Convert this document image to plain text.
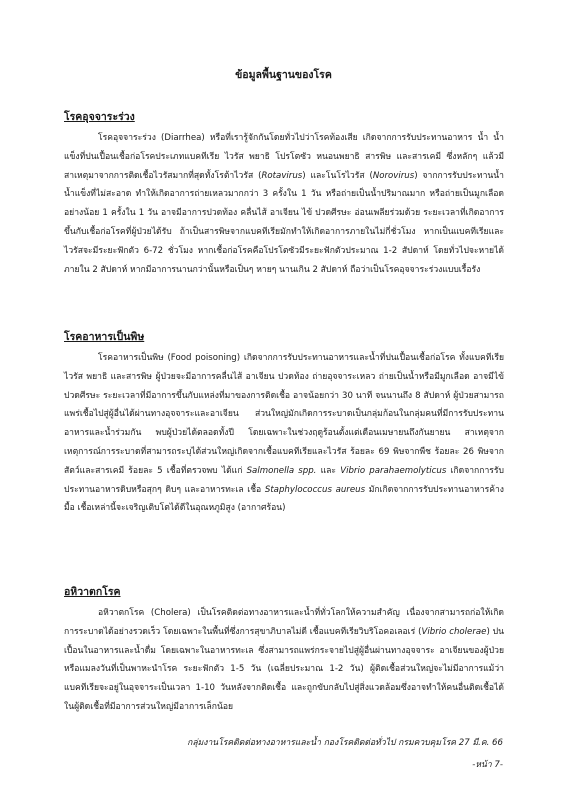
ข้อมูลพื้นฐานของโรค
โรคอุจจาระร่วง

โรคอุจจาระร่วง (Diarrhea) หรือที่เรารู้จักกันโดยทั่วไปว่าโรคท้องเสีย เกิดจากการรับประทานอาหาร น้ำ น้ำแข็งที่ปนเปื้อนเชื้อก่อโรคประเภทแบคทีเรีย ไวรัส พยาธิ โปรโตซัว หนอนพยาธิ สารพิษ และสารเคมี ซึ่งหลักๆ แล้วมีสาเหตุมาจากการติดเชื้อไวรัสมากที่สุดทั้งโรต้าไวรัส (Rotavirus) และโนโรไวรัส (Norovirus) จากการรับประทานน้ำ น้ำแข็งที่ไม่สะอาด ทำให้เกิดอาการถ่ายเหลวมากกว่า 3 ครั้งใน 1 วัน หรือถ่ายเป็นน้ำปริมาณมาก หรือถ่ายเป็นมูกเลือดอย่างน้อย 1 ครั้งใน 1 วัน อาจมีอาการปวดท้อง คลื่นไส้ อาเจียน ไข้ ปวดศีรษะ อ่อนเพลียร่วมด้วย ระยะเวลาที่เกิดอาการขึ้นกับเชื้อก่อโรคที่ผู้ป่วยได้รับ ถ้าเป็นสารพิษจากแบคทีเรียมักทำให้เกิดอาการภายในไม่กี่ชั่วโมง หากเป็นแบคทีเรียและไวรัสจะมีระยะฟักตัว 6-72 ชั่วโมง หากเชื้อก่อโรคคือโปรโตซัวมีระยะฟักตัวประมาณ 1-2 สัปดาห์ โดยทั่วไปจะหายได้ภายใน 2 สัปดาห์ หากมีอาการนานกว่านั้นหรือเป็นๆ หายๆ นานเกิน 2 สัปดาห์ ถือว่าเป็นโรคอุจจาระร่วงแบบเรื้อรัง

โรคอาหารเป็นพิษ

โรคอาหารเป็นพิษ (Food poisoning) เกิดจากการรับประทานอาหารและน้ำที่ปนเปื้อนเชื้อก่อโรค ทั้งแบคทีเรีย ไวรัส พยาธิ และสารพิษ ผู้ป่วยจะมีอาการคลื่นไส้ อาเจียน ปวดท้อง ถ่ายอุจจาระเหลว ถ่ายเป็นน้ำหรือมีมูกเลือด อาจมีไข้ ปวดศีรษะ ระยะเวลาที่มีอาการขึ้นกับแหล่งที่มาของการติดเชื้อ อาจน้อยกว่า 30 นาที จนนานถึง 8 สัปดาห์ ผู้ป่วยสามารถแพร่เชื้อไปสู่ผู้อื่นได้ผ่านทางอุจจาระและอาเจียน ส่วนใหญ่มักเกิดการระบาดเป็นกลุ่มก้อนในกลุ่มคนที่มีการรับประทานอาหารและน้ำร่วมกัน พบผู้ป่วยได้ตลอดทั้งปี โดยเฉพาะในช่วงฤดูร้อนตั้งแต่เดือนเมษายนถึงกันยายน สาเหตุจากเหตุการณ์การระบาดที่สามารถระบุได้ส่วนใหญ่เกิดจากเชื้อแบคทีเรียและไวรัส ร้อยละ 69 พิษจากพืช ร้อยละ 26 พิษจากสัตว์และสารเคมี ร้อยละ 5 เชื้อที่ตรวจพบ ได้แก่ Salmonella spp. และ Vibrio parahaemolyticus เกิดจากการรับประทานอาหารดิบหรือสุกๆ ดิบๆ และอาหารทะเล เชื้อ Staphylococcus aureus มักเกิดจากการรับประทานอาหารค้างมื้อ เชื้อเหล่านี้จะเจริญเติบโตได้ดีในอุณหภูมิสูง (อากาศร้อน)

อหิวาตกโรค

อหิวาตกโรค (Cholera) เป็นโรคติดต่อทางอาหารและน้ำที่ทั่วโลกให้ความสำคัญ เนื่องจากสามารถก่อให้เกิดการระบาดได้อย่างรวดเร็ว โดยเฉพาะในพื้นที่ซึ่งการสุขาภิบาลไม่ดี เชื้อแบคทีเรียวิบริโอคอเลอเร่ (Vibrio cholerae) ปนเปื้อนในอาหารและน้ำดื่ม โดยเฉพาะในอาหารทะเล ซึ่งสามารถแพร่กระจายไปสู่ผู้อื่นผ่านทางอุจจาระ อาเจียนของผู้ป่วย หรือแมลงวันที่เป็นพาหะนำโรค ระยะฟักตัว 1-5 วัน (เฉลี่ยประมาณ 1-2 วัน) ผู้ติดเชื้อส่วนใหญ่จะไม่มีอาการแม้ว่าแบคทีเรียจะอยู่ในอุจจาระเป็นเวลา 1-10 วันหลังจากติดเชื้อ และถูกขับกลับไปสู่สิ่งแวดล้อมซึ่งอาจทำให้คนอื่นติดเชื้อได้ ในผู้ติดเชื้อที่มีอาการส่วนใหญ่มีอาการเล็กน้อย

กลุ่มงานโรคติดต่อทางอาหารและน้ำ กองโรคติดต่อทั่วไป กรมควบคุมโรค 27 มี.ค. 66
-หน้า 7-
